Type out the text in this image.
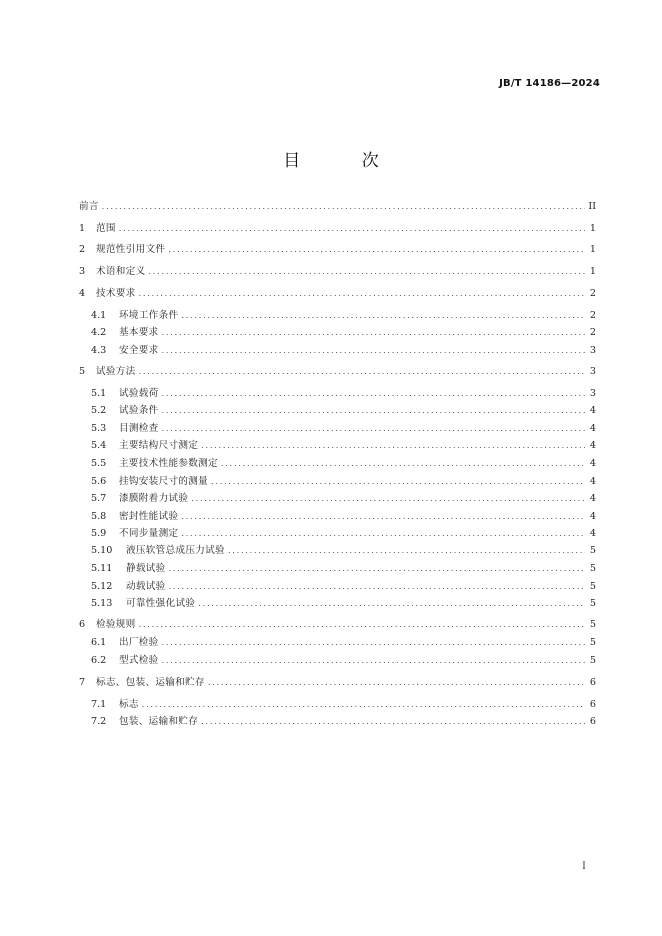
JB/T 14186—2024
目 次
前言 .....	II
1	范围 .....	1
2	规范性引用文件 .....	1
3	术语和定义 .....	1
4	技术要求 .....	2
4.1	环境工作条件 .....	2
4.2	基本要求 .....	2
4.3	安全要求 .....	3
5	试验方法 .....	3
5.1	试验载荷 .....	3
5.2	试验条件 .....	4
5.3	目测检查 .....	4
5.4	主要结构尺寸测定 .....	4
5.5	主要技术性能参数测定 .....	4
5.6	挂钩安装尺寸的测量 .....	4
5.7	漆膜附着力试验 .....	4
5.8	密封性能试验 .....	4
5.9	不同步量测定 .....	4
5.10	液压软管总成压力试验 .....	5
5.11	静载试验 .....	5
5.12	动载试验 .....	5
5.13	可靠性强化试验 .....	5
6	检验规则 .....	5
6.1	出厂检验 .....	5
6.2	型式检验 .....	5
7	标志、包装、运输和贮存 .....	6
7.1	标志 .....	6
7.2	包装、运输和贮存 .....	6
I
